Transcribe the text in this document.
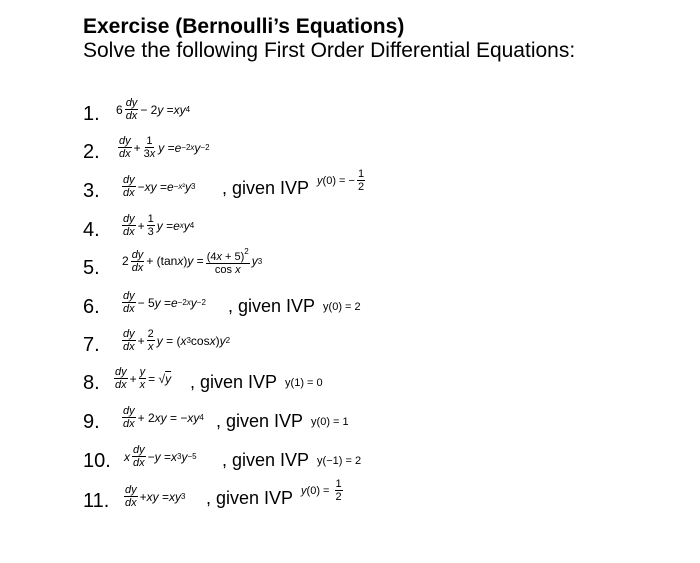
Exercise (Bernoulli’s Equations)
Solve the following First Order Differential Equations:
1. $6 \frac{dy}{dx} - 2$ y = xy 4
2. $\frac{dy}{dx} + \frac{1}{3x}$ y = e −2x y −2
3. $\frac{dy}{dx}$ − xy = e −x² y 3 , given IVP y (0) = − $\frac{1}{2}$
4. $\frac{dy}{dx} + \frac{1}{3}$ y = e x y 4
5. $2 \frac{dy}{dx} + (\tan$ x ) $y = \frac{(4x + 5)^2}{\text{cos x}}$ y 3
6. $\frac{dy}{dx} - 5$ y = e −2x y −2 , given IVP y(0) = 2
7. $\frac{dy}{dx} + \frac{2}{x}$ y = ( x 3 cos x ) y 2
8. $\frac{dy}{dx} + \frac{y}{x}$ = √ y , given IVP y(1) = 0
9. $\frac{dy}{dx} + 2$ xy = − xy 4 , given IVP y(0) = 1
10. x $\frac{dy}{dx} - y = x$ 3 y −5 , given IVP y(−1) = 2
11. $\frac{dy}{dx}$ + xy = xy 3 , given IVP y $(0) = \frac{1}{2}$
